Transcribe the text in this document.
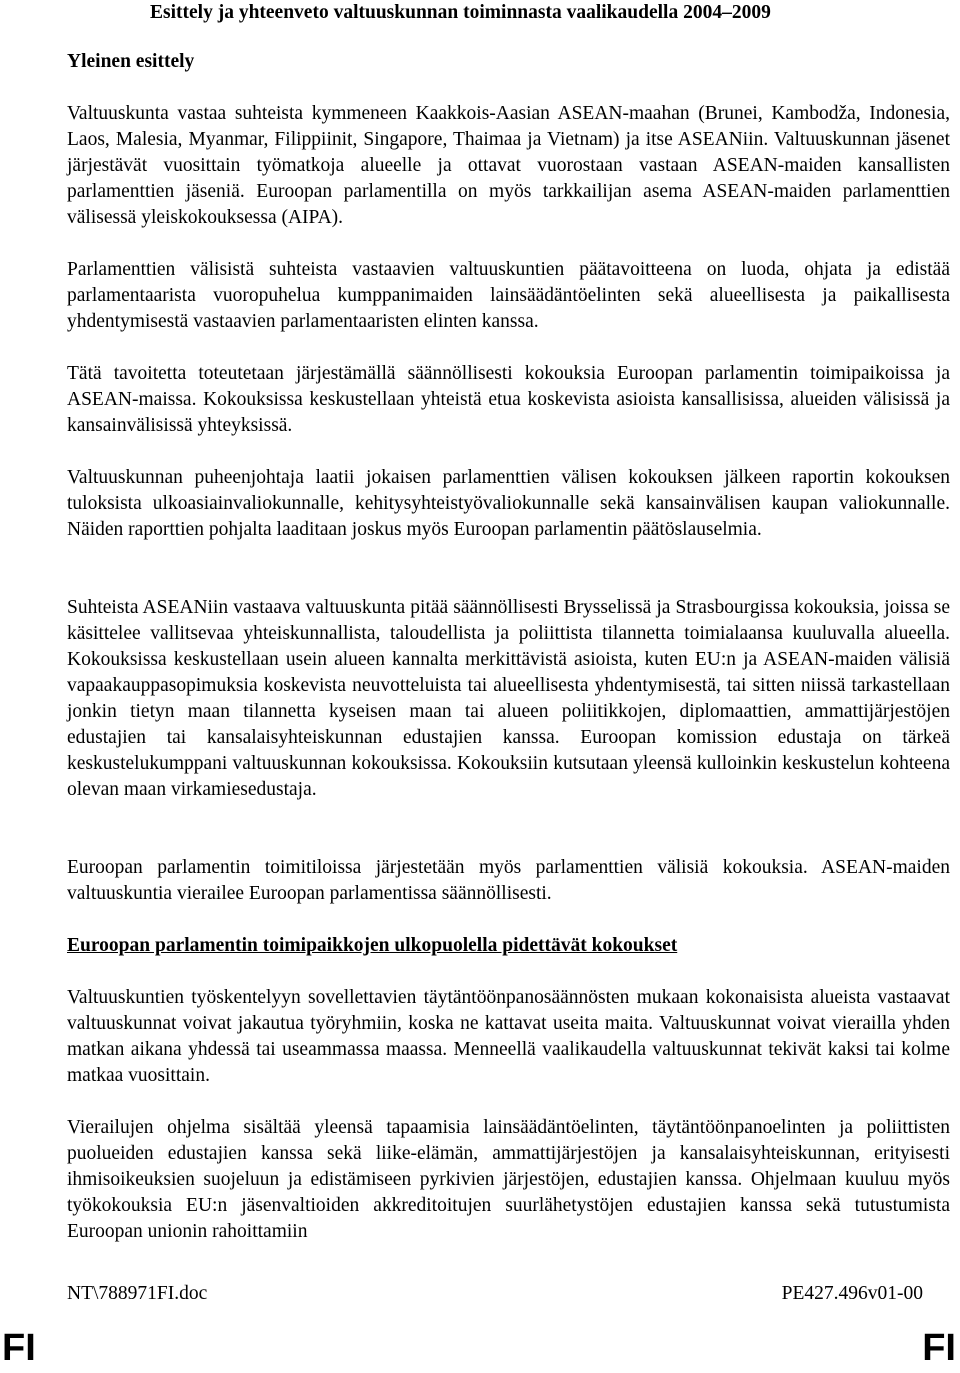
Esittely ja yhteenveto valtuuskunnan toiminnasta vaalikaudella 2004–2009
Yleinen esittely

Valtuuskunta vastaa suhteista kymmeneen Kaakkois-Aasian ASEAN-maahan (Brunei, Kambodža, Indonesia, Laos, Malesia, Myanmar, Filippiinit, Singapore, Thaimaa ja Vietnam) ja itse ASEANiin. Valtuuskunnan jäsenet järjestävät vuosittain työmatkoja alueelle ja ottavat vuorostaan vastaan ASEAN-maiden kansallisten parlamenttien jäseniä. Euroopan parlamentilla on myös tarkkailijan asema ASEAN-maiden parlamenttien välisessä yleiskokouksessa (AIPA).

Parlamenttien välisistä suhteista vastaavien valtuuskuntien päätavoitteena on luoda, ohjata ja edistää parlamentaarista vuoropuhelua kumppanimaiden lainsäädäntöelinten sekä alueellisesta ja paikallisesta yhdentymisestä vastaavien parlamentaaristen elinten kanssa.

Tätä tavoitetta toteutetaan järjestämällä säännöllisesti kokouksia Euroopan parlamentin toimipaikoissa ja ASEAN-maissa. Kokouksissa keskustellaan yhteistä etua koskevista asioista kansallisissa, alueiden välisissä ja kansainvälisissä yhteyksissä.

Valtuuskunnan puheenjohtaja laatii jokaisen parlamenttien välisen kokouksen jälkeen raportin kokouksen tuloksista ulkoasiainvaliokunnalle, kehitysyhteistyövaliokunnalle sekä kansainvälisen kaupan valiokunnalle. Näiden raporttien pohjalta laaditaan joskus myös Euroopan parlamentin päätöslauselmia.

Suhteista ASEANiin vastaava valtuuskunta pitää säännöllisesti Brysselissä ja Strasbourgissa kokouksia, joissa se käsittelee vallitsevaa yhteiskunnallista, taloudellista ja poliittista tilannetta toimialaansa kuuluvalla alueella. Kokouksissa keskustellaan usein alueen kannalta merkittävistä asioista, kuten EU:n ja ASEAN-maiden välisiä vapaakauppasopimuksia koskevista neuvotteluista tai alueellisesta yhdentymisestä, tai sitten niissä tarkastellaan jonkin tietyn maan tilannetta kyseisen maan tai alueen poliitikkojen, diplomaattien, ammattijärjestöjen edustajien tai kansalaisyhteiskunnan edustajien kanssa. Euroopan komission edustaja on tärkeä keskustelukumppani valtuuskunnan kokouksissa. Kokouksiin kutsutaan yleensä kulloinkin keskustelun kohteena olevan maan virkamiesedustaja.

Euroopan parlamentin toimitiloissa järjestetään myös parlamenttien välisiä kokouksia. ASEAN-maiden valtuuskuntia vierailee Euroopan parlamentissa säännöllisesti.

Euroopan parlamentin toimipaikkojen ulkopuolella pidettävät kokoukset

Valtuuskuntien työskentelyyn sovellettavien täytäntöönpanosäännösten mukaan kokonaisista alueista vastaavat valtuuskunnat voivat jakautua työryhmiin, koska ne kattavat useita maita. Valtuuskunnat voivat vierailla yhden matkan aikana yhdessä tai useammassa maassa. Menneellä vaalikaudella valtuuskunnat tekivät kaksi tai kolme matkaa vuosittain.

Vierailujen ohjelma sisältää yleensä tapaamisia lainsäädäntöelinten, täytäntöönpanoelinten ja poliittisten puolueiden edustajien kanssa sekä liike-elämän, ammattijärjestöjen ja kansalaisyhteiskunnan, erityisesti ihmisoikeuksien suojeluun ja edistämiseen pyrkivien järjestöjen, edustajien kanssa. Ohjelmaan kuuluu myös työkokouksia EU:n jäsenvaltioiden akkreditoitujen suurlähetystöjen edustajien kanssa sekä tutustumista Euroopan unionin rahoittamiin

NT\788971FI.doc	PE427.496v01-00
FI	FI
